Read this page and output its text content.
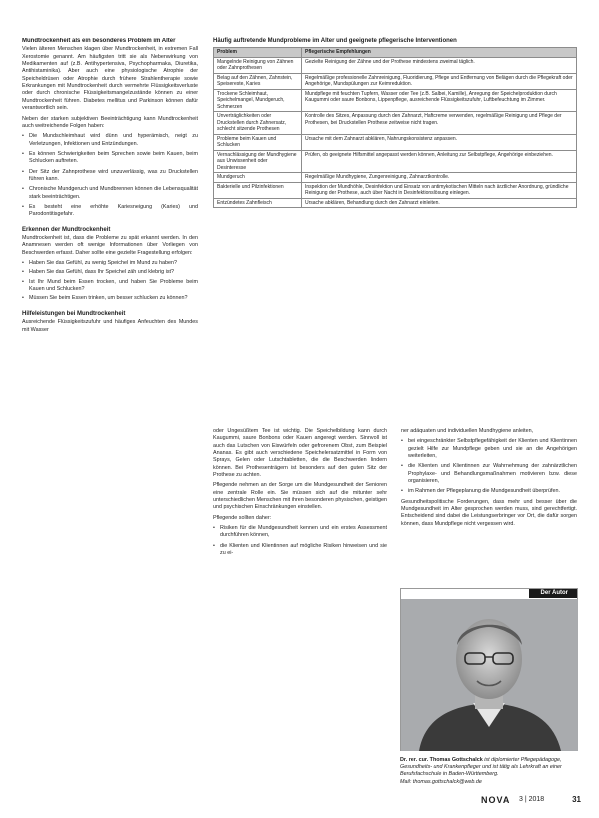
Mundtrockenheit als ein besonderes Problem im Alter
Vielen älteren Menschen klagen über Mundtrockenheit, in extremen Fall Xerostomie genannt. Am häufigsten tritt sie als Nebenwirkung von Medikamenten auf (z.B. Antihypertensiva, Psychopharmaka, Diuretika, Antihistaminika). Aber auch eine physiologische Atrophie der Speicheldrüsen oder Atrophie durch frühere Strahlentherapie sowie Erkrankungen mit Mundtrockenheit durch vermehrte Flüssigkeitsverluste oder durch chronische Flüssigkeitsmangelzustände können zu einer Mundtrockenheit führen. Diabetes mellitus und Parkinson können dafür verantwortlich sein.
Neben der starken subjektiven Beeinträchtigung kann Mundtrockenheit auch weitreichende Folgen haben:
• Die Mundschleimhaut wird dünn und hyperämisch, neigt zu Verletzungen, Infektionen und Entzündungen.
• Es können Schwierigkeiten beim Sprechen sowie beim Kauen, beim Schlucken auftreten.
• Der Sitz der Zahnprothese wird unzuverlässig, was zu Druckstellen führen kann.
• Chronische Mundgeruch und Mundbrennen können die Lebensqualität stark beeinträchtigen.
• Es besteht eine erhöhte Kariesneigung (Karies) und Parodontitisgefahr.
Erkennen der Mundtrockenheit
Mundtrockenheit ist, dass die Probleme zu spät erkannt werden. In den Anamnesen werden oft wenige Informationen über Vorliegen von Beschwerden erfasst. Daher sollte eine gezielte Fragestellung erfolgen:
• Haben Sie das Gefühl, zu wenig Speichel im Mund zu haben?
• Haben Sie das Gefühl, dass Ihr Speichel zäh und klebrig ist?
• Ist Ihr Mund beim Essen trocken, und haben Sie Probleme beim Kauen und Schlucken?
• Müssen Sie beim Essen trinken, um besser schlucken zu können?
Hilfeleistungen bei Mundtrockenheit
Ausreichende Flüssigkeitszufuhr und häufiges Anfeuchten des Mundes mit Wasser
Häufig auftretende Mundprobleme im Alter und geeignete pflegerische Interventionen
Problem	Pflegerische Empfehlungen
Mangelnde Reinigung von Zähnen oder Zahnprothesen	Gezielte Reinigung der Zähne und der Prothese mindestens zweimal täglich.
Belag auf den Zähnen, Zahnstein, Speisereste, Karies	Regelmäßige professionelle Zahnreinigung, Fluoridierung, Pflege und Entfernung von Belägen durch die Pflegekraft oder Angehörige, Mundspülungen zur Keimreduktion.
Trockene Schleimhaut, Speichelmangel, Mundgeruch, Schmerzen	Mundpflege mit feuchten Tupfern, Wasser oder Tee (z.B. Salbei, Kamille), Anregung der Speichelproduktion durch Kaugummi oder saure Bonbons, Lippenpflege, ausreichende Flüssigkeitszufuhr, Luftbefeuchtung im Zimmer.
Unverträglichkeiten oder Druckstellen durch Zahnersatz, schlecht sitzende Prothesen	Kontrolle des Sitzes, Anpassung durch den Zahnarzt, Haftcreme verwenden, regelmäßige Reinigung und Pflege der Prothesen, bei Druckstellen Prothese zeitweise nicht tragen.
Probleme beim Kauen und Schlucken	Ursache mit dem Zahnarzt abklären, Nahrungskonsistenz anpassen.
Vernachlässigung der Mundhygiene aus Unwissenheit oder Desinteresse	Prüfen, ob geeignete Hilfsmittel angepasst werden können, Anleitung zur Selbstpflege, Angehörige einbeziehen.
Mundgeruch	Regelmäßige Mundhygiene, Zungenreinigung, Zahnarztkontrolle.
Bakterielle und Pilzinfektionen	Inspektion der Mundhöhle, Desinfektion und Einsatz von antimykotischen Mitteln nach ärztlicher Anordnung, gründliche Reinigung der Prothese, auch über Nacht in Desinfektionslösung einlegen.
Entzündetes Zahnfleisch	Ursache abklären, Behandlung durch den Zahnarzt einleiten.
oder Ungesüßtem Tee ist wichtig. Die Speichelbildung kann durch Kaugummi, saure Bonbons oder Kauen angeregt werden. Sinnvoll ist auch das Lutschen von Eiswürfeln oder gefrorenem Obst, zum Beispiel Ananas. Es gibt auch verschiedene Speichelersatzmittel in Form von Sprays, Gelen oder Lutschtabletten, die die Beschwerden lindern können. Bei Prothesenträgern ist besonders auf den guten Sitz der Prothese zu achten.
Pflegende nehmen an der Sorge um die Mundgesundheit der Senioren eine zentrale Rolle ein. Sie müssen sich auf die mitunter sehr unterschiedlichen Menschen mit ihren besonderen physischen, geistigen und psychischen Einschränkungen einstellen.
Pflegende sollten daher:
• Risiken für die Mundgesundheit kennen und ein erstes Assessment durchführen können,
• die Klienten und Klientinnen auf mögliche Risiken hinweisen und sie zu ei-
ner adäquaten und individuellen Mundhygiene anleiten,
• bei eingeschränkter Selbstpflegefähigkeit der Klienten und Klientinnen gezielt Hilfe zur Mundpflege geben und sie an die Angehörigen weiterleiten,
• die Klienten und Klientinnen zur Wahrnehmung der zahnärztlichen Prophylaxe- und Behandlungsmaßnahmen motivieren bzw. diese organisieren,
• im Rahmen der Pflegeplanung die Mundgesundheit überprüfen.
Gesundheitspolitische Forderungen, dass mehr und besser über die Mundgesundheit im Alter gesprochen werden muss, sind gerechtfertigt. Entscheidend sind dabei die Leistungserbringer vor Ort, die dafür sorgen können, dass Mundpflege nicht vergessen wird.
Der Autor
Dr. rer. cur. Thomas Gottschalck ist diplomierter Pflegepädagoge, Gesundheits- und Krankenpfleger und ist tätig als Lehrkraft an einer Berufsfachschule in Baden-Württemberg.
Mail: thomas.gottschalck@web.de
NOVA 3 | 2018	31
